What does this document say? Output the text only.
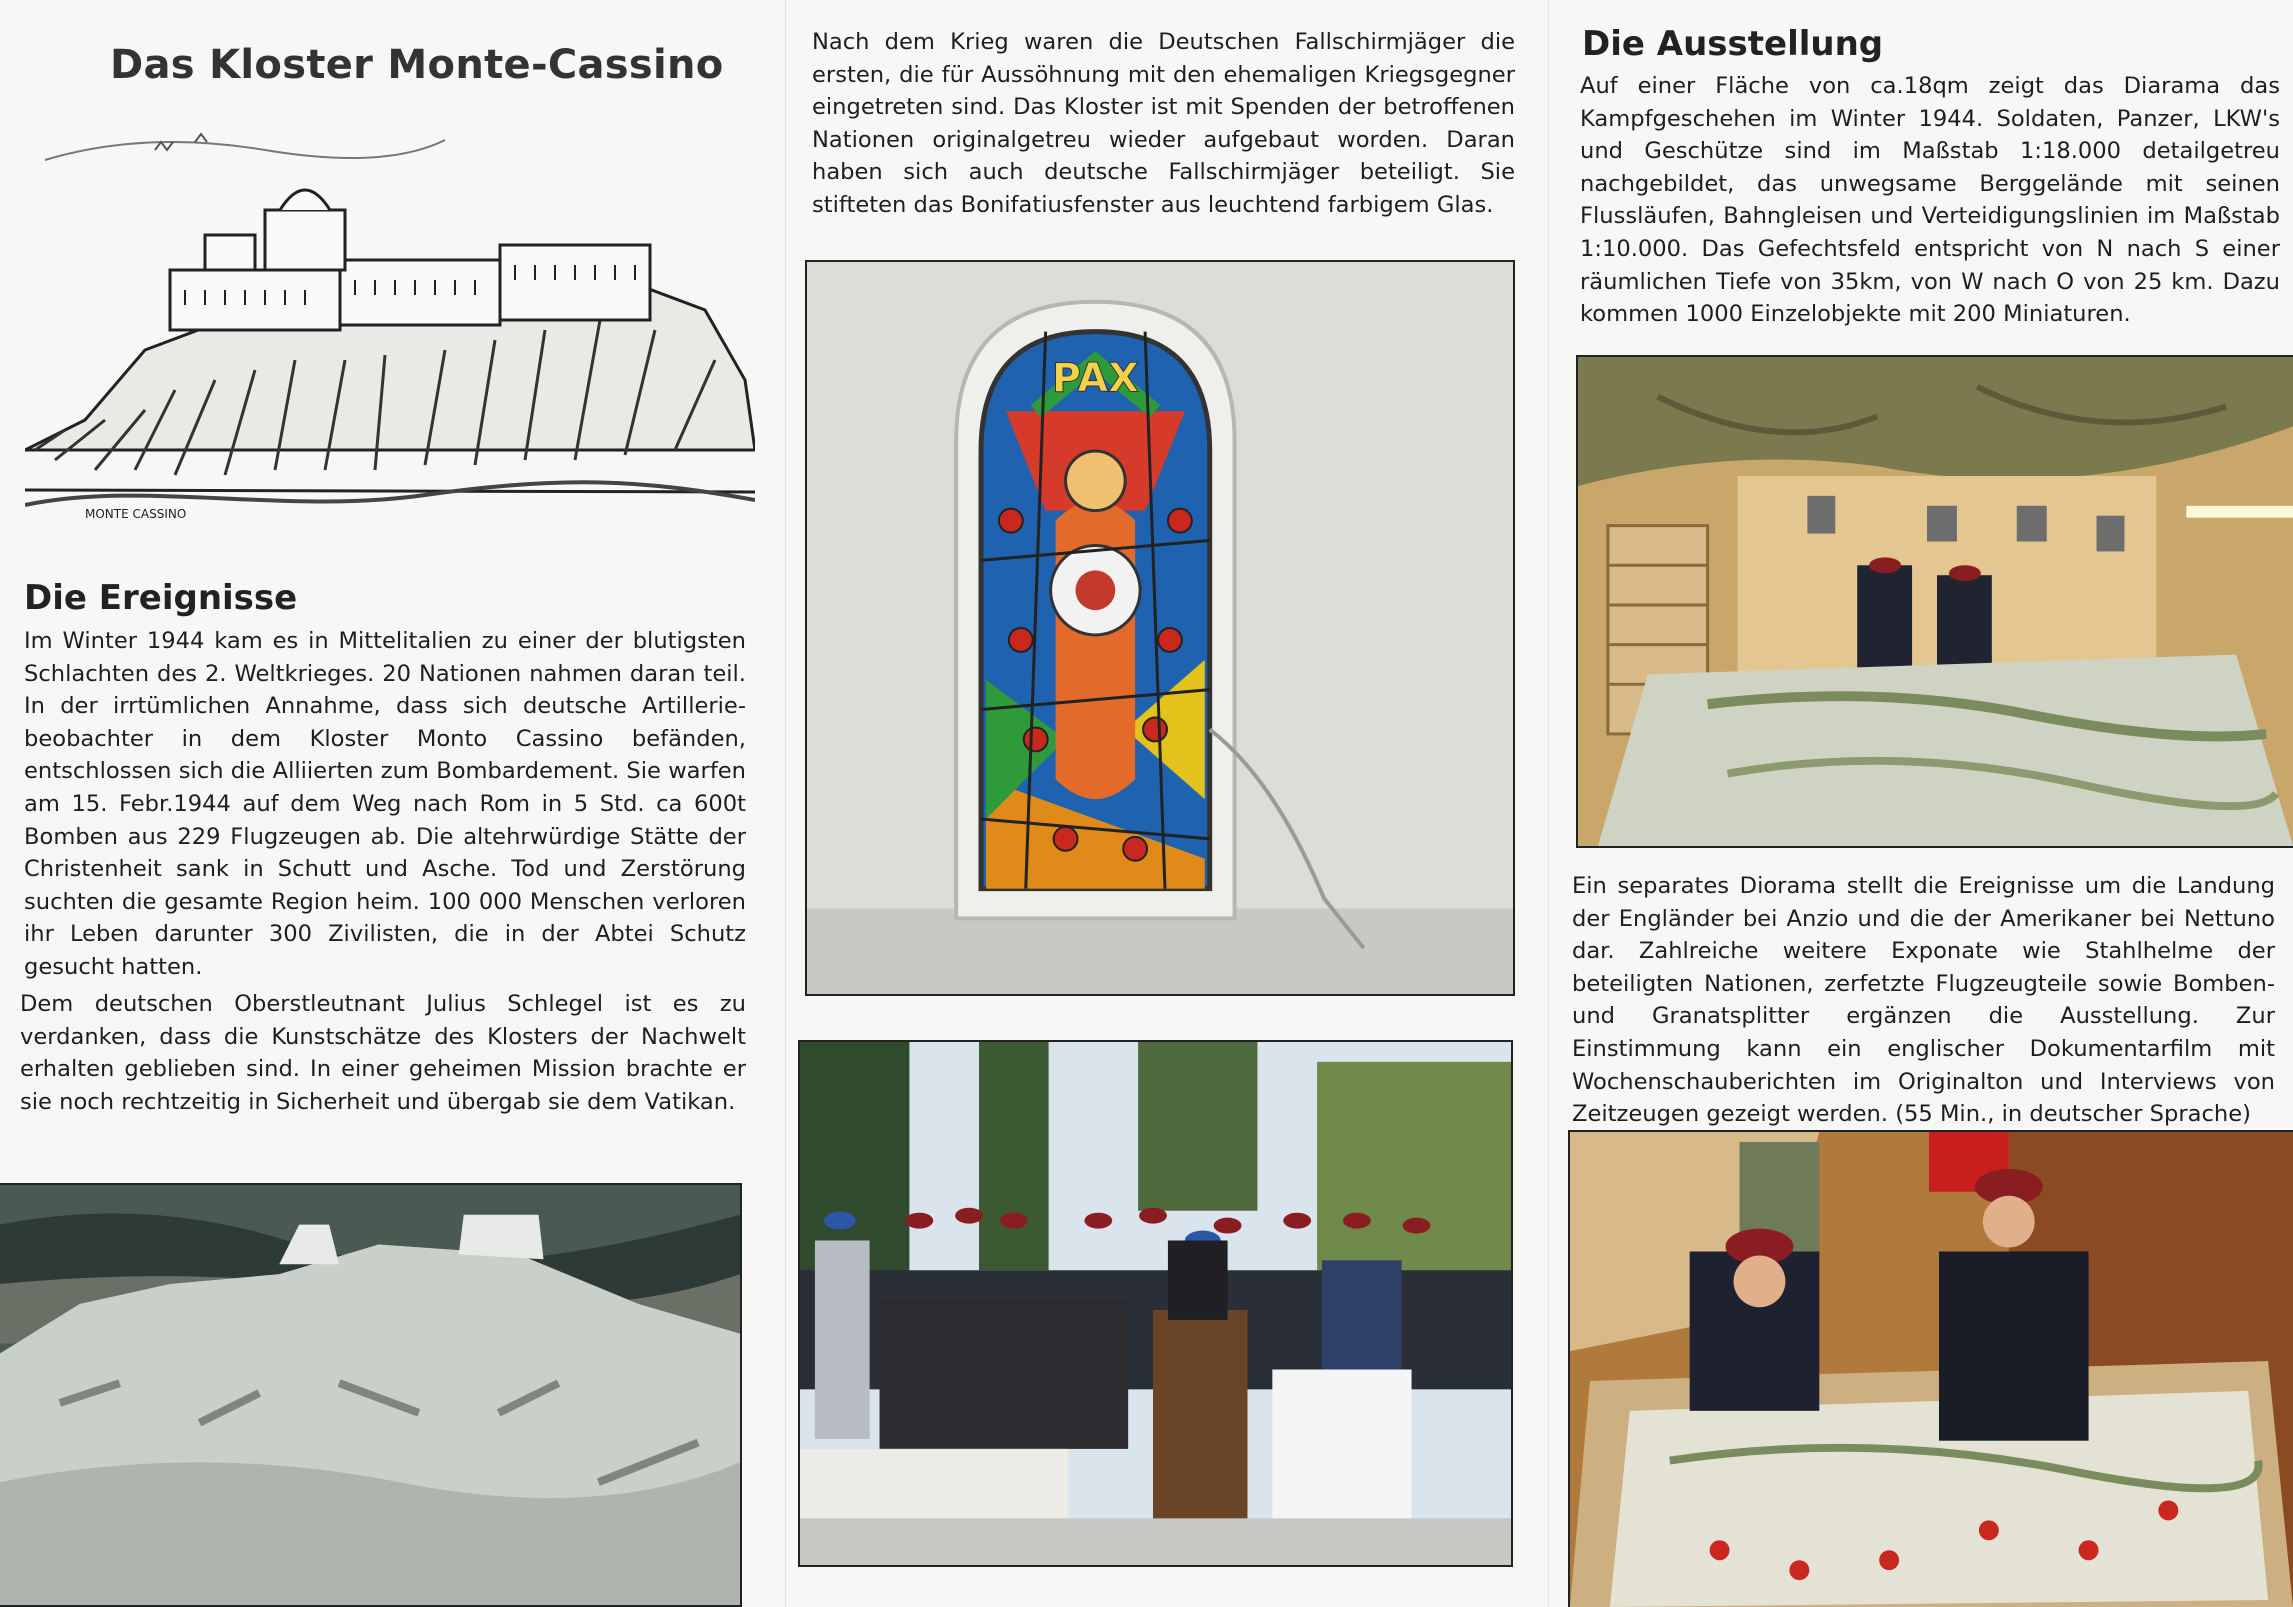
Das Kloster Monte-Cassino
MONTE CASSINO
Die Ereignisse

Im Winter 1944 kam es in Mittelitalien zu einer der blutigsten Schlachten des 2. Weltkrieges. 20 Nationen nahmen daran teil. In der irrtümlichen Annahme, dass sich deutsche Artilleriebeobachter in dem Kloster Monto Cassino befänden, entschlossen sich die Alliierten zum Bombardement. Sie warfen am 15. Febr.1944 auf dem Weg nach Rom in 5 Std. ca 600t Bomben aus 229 Flugzeugen ab. Die altehrwürdige Stätte der Christenheit sank in Schutt und Asche. Tod und Zerstörung suchten die gesamte Region heim. 100 000 Menschen verloren ihr Leben darunter 300 Zivilisten, die in der Abtei Schutz gesucht hatten.

Dem deutschen Oberstleutnant Julius Schlegel ist es zu verdanken, dass die Kunstschätze des Klosters der Nachwelt erhalten geblieben sind. In einer geheimen Mission brachte er sie noch rechtzeitig in Sicherheit und übergab sie dem Vatikan.

Nach dem Krieg waren die Deutschen Fallschirmjäger die ersten, die für Aussöhnung mit den ehemaligen Kriegsgegner eingetreten sind. Das Kloster ist mit Spenden der betroffenen Nationen originalgetreu wieder aufgebaut worden. Daran haben sich auch deutsche Fallschirmjäger beteiligt. Sie stifteten das Bonifatiusfenster aus leuchtend farbigem Glas.

PAX
Die Ausstellung

Auf einer Fläche von ca.18qm zeigt das Diarama das Kampfgeschehen im Winter 1944. Soldaten, Panzer, LKW's und Geschütze sind im Maßstab 1:18.000 detailgetreu nachgebildet, das unwegsame Berggelände mit seinen Flussläufen, Bahngleisen und Verteidigungslinien im Maßstab 1:10.000. Das Gefechtsfeld entspricht von N nach S einer räumlichen Tiefe von 35km, von W nach O von 25 km. Dazu kommen 1000 Einzelobjekte mit 200 Miniaturen.

Ein separates Diorama stellt die Ereignisse um die Landung der Engländer bei Anzio und die der Amerikaner bei Nettuno dar. Zahlreiche weitere Exponate wie Stahlhelme der beteiligten Nationen, zerfetzte Flugzeugteile sowie Bomben- und Granatsplitter ergänzen die Ausstellung. Zur Einstimmung kann ein englischer Dokumentarfilm mit Wochenschauberichten im Originalton und Interviews von Zeitzeugen gezeigt werden. (55 Min., in deutscher Sprache)
